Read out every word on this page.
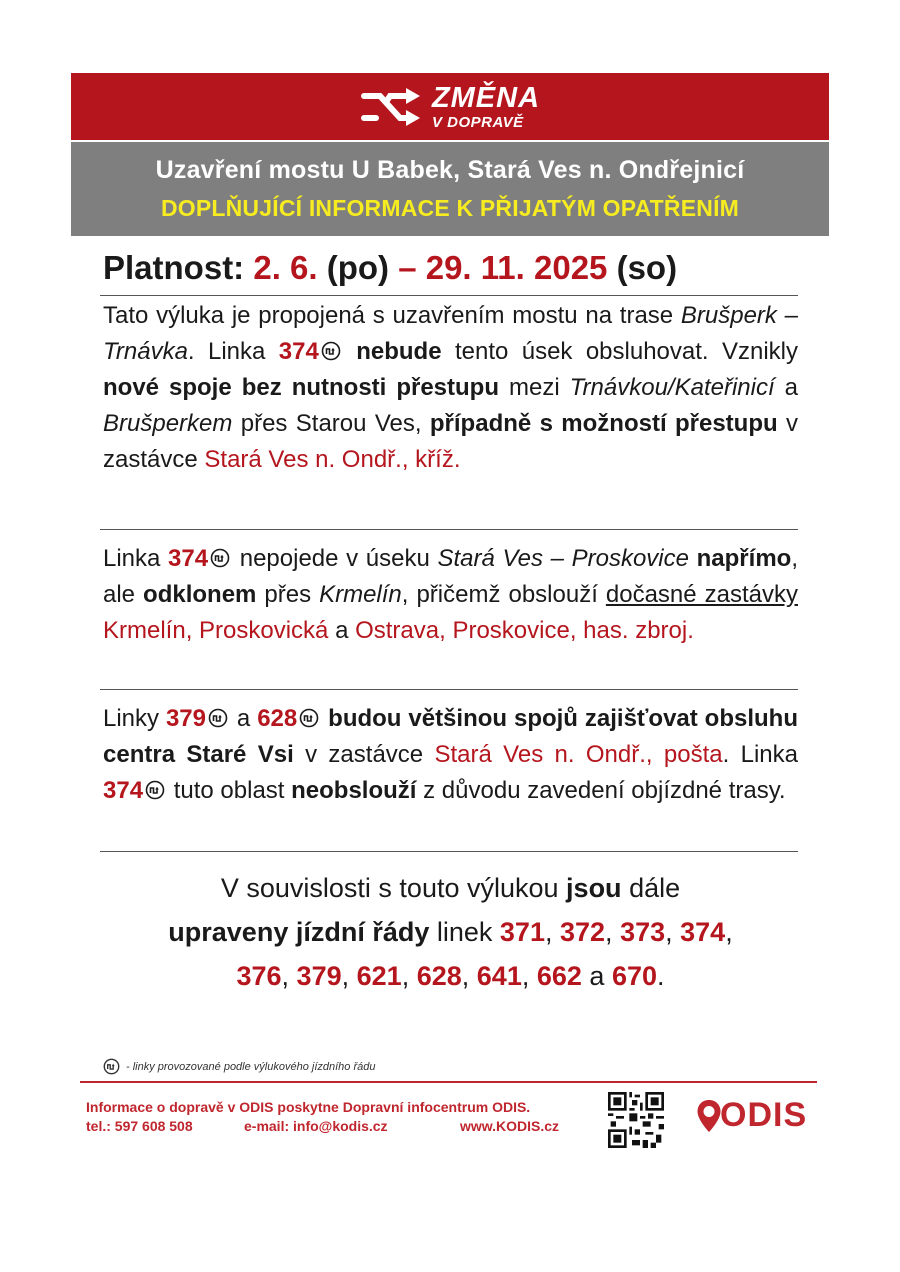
ZMĚNA
V DOPRAVĚ
Uzavření mostu U Babek, Stará Ves n. Ondřejnicí
DOPLŇUJÍCÍ INFORMACE K PŘIJATÝM OPATŘENÍM
Platnost: 2. 6. (po) – 29. 11. 2025 (so)
Tato výluka je propojená s uzavřením mostu na trase Brušperk – Trnávka. Linka 374 nebude tento úsek obsluhovat. Vznikly nové spoje bez nutnosti přestupu mezi Trnávkou/Kateřinicí a Brušperkem přes Starou Ves, případně s možností přestupu v zastávce Stará Ves n. Ondř., kříž.
Linka 374 nepojede v úseku Stará Ves – Proskovice napřímo, ale odklonem přes Krmelín, přičemž obslouží dočasné zastávky Krmelín, Proskovická a Ostrava, Proskovice, has. zbroj.
Linky 379 a 628 budou většinou spojů zajišťovat obsluhu centra Staré Vsi v zastávce Stará Ves n. Ondř., pošta. Linka 374 tuto oblast neobslouží z důvodu zavedení objízdné trasy.
V souvislosti s touto výlukou jsou dále
upraveny jízdní řády linek 371, 372, 373, 374,
376, 379, 621, 628, 641, 662 a 670.
- linky provozované podle výlukového jízdního řádu
Informace o dopravě v ODIS poskytne Dopravní infocentrum ODIS.
tel.: 597 608 508	e-mail: info@kodis.cz	www.KODIS.cz	ODIS
